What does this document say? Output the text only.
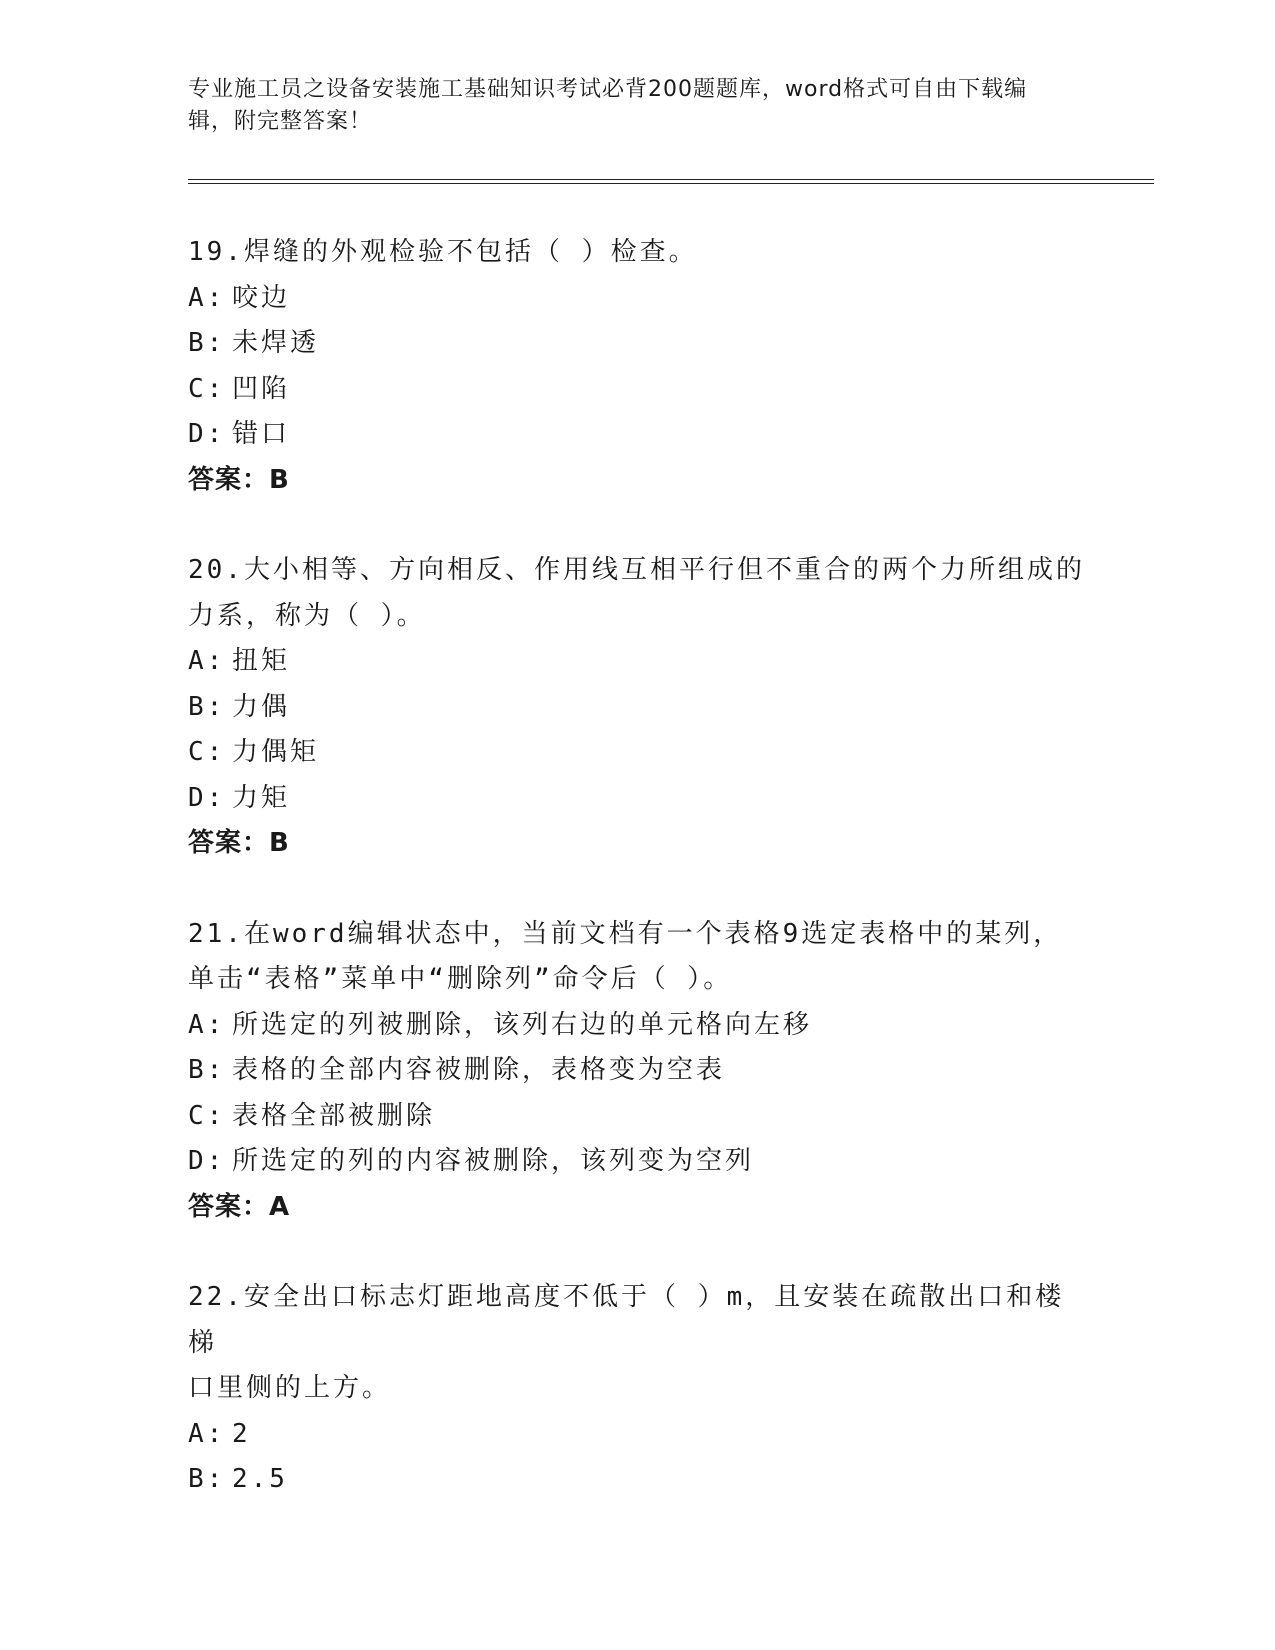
专业施工员之设备安装施工基础知识考试必背200题题库，word格式可自由下载编辑，附完整答案！
19.焊缝的外观检验不包括（ ）检查。
A: 咬边
B: 未焊透
C: 凹陷
D: 错口
答案：B
20.大小相等、方向相反、作用线互相平行但不重合的两个力所组成的
力系，称为（ ）。
A: 扭矩
B: 力偶
C: 力偶矩
D: 力矩
答案：B
21.在word编辑状态中，当前文档有一个表格9选定表格中的某列，
单击“表格”菜单中“删除列”命令后（ ）。
A: 所选定的列被删除，该列右边的单元格向左移
B: 表格的全部内容被删除，表格变为空表
C: 表格全部被删除
D: 所选定的列的内容被删除，该列变为空列
答案：A
22.安全出口标志灯距地高度不低于（ ）m，且安装在疏散出口和楼梯
口里侧的上方。
A: 2
B: 2.5
